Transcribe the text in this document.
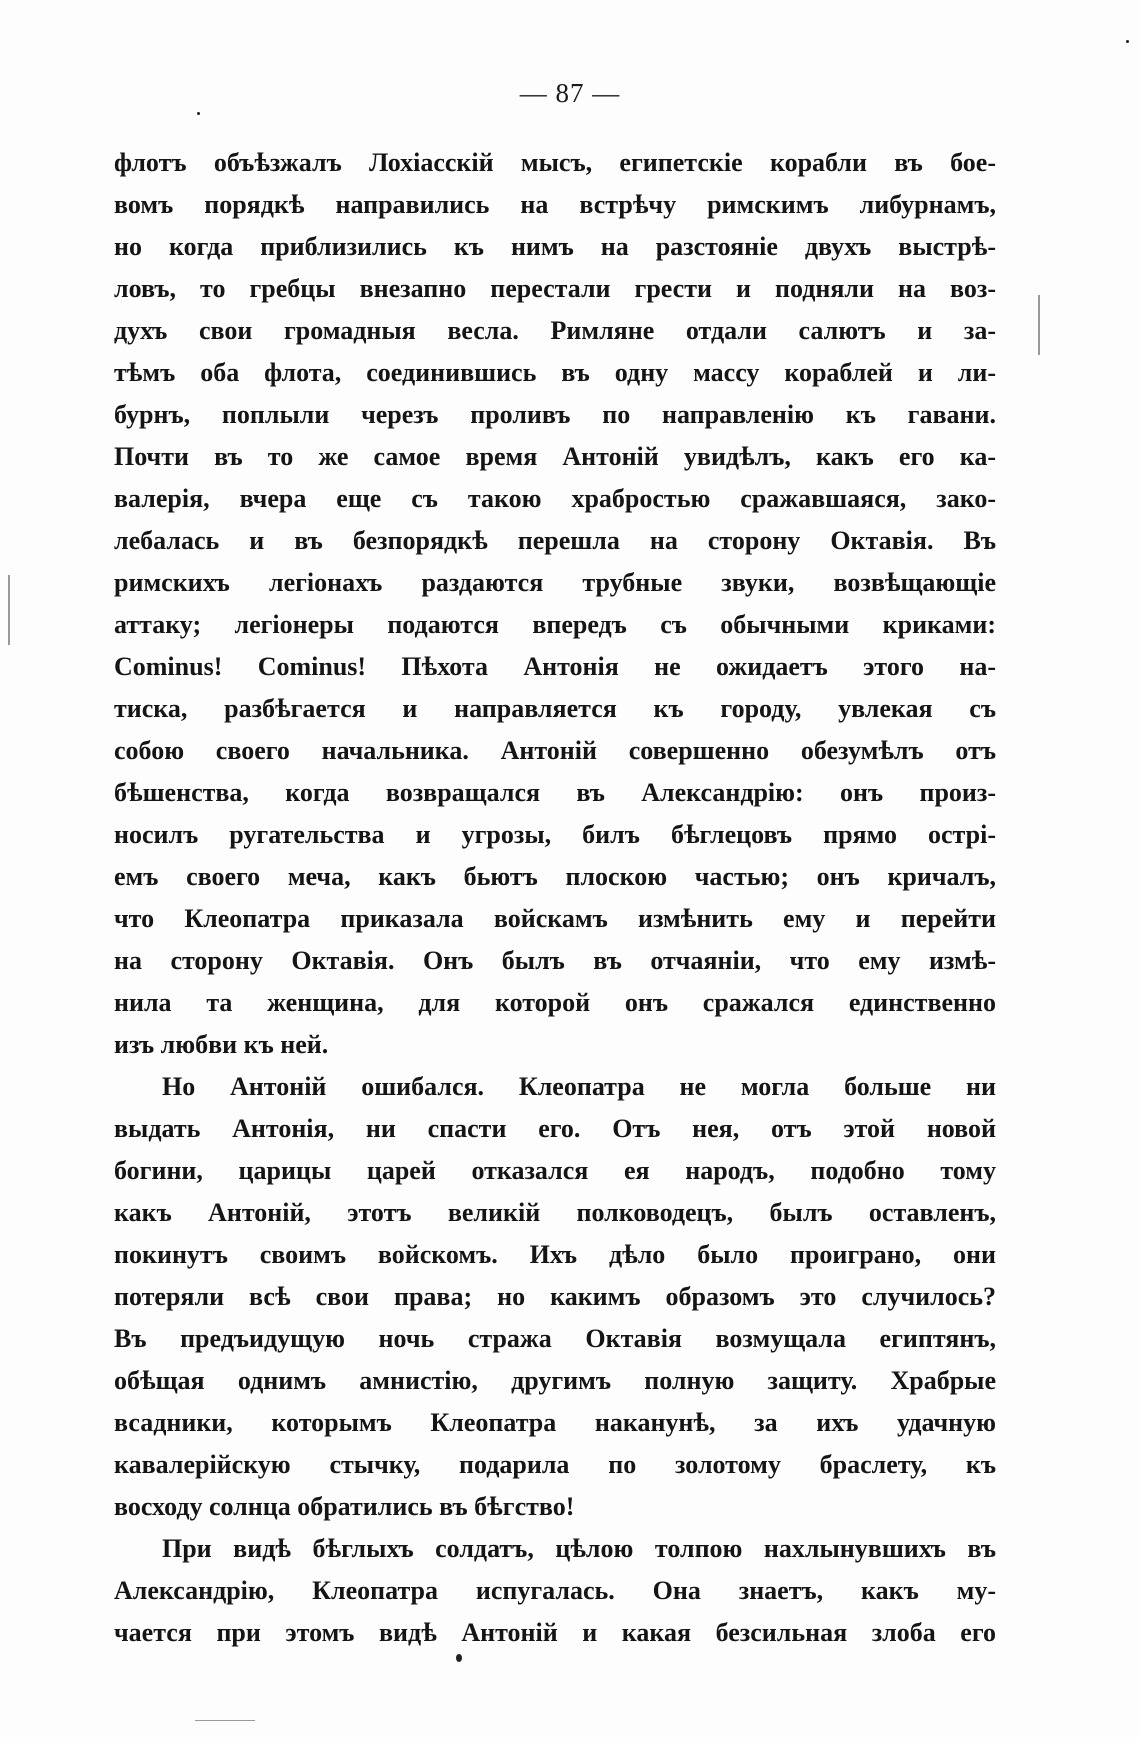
— 87 —
флотъ объѣзжалъ Лохіасскій мысъ, египетскіе корабли въ бое-
вомъ порядкѣ направились на встрѣчу римскимъ либурнамъ,
но когда приблизились къ нимъ на разстояніе двухъ выстрѣ-
ловъ, то гребцы внезапно перестали грести и подняли на воз-
духъ свои громадныя весла. Римляне отдали салютъ и за-
тѣмъ оба флота, соединившись въ одну массу кораблей и ли-
бурнъ, поплыли черезъ проливъ по направленію къ гавани.
Почти въ то же самое время Антоній увидѣлъ, какъ его ка-
валерія, вчера еще съ такою храбростью сражавшаяся, зако-
лебалась и въ безпорядкѣ перешла на сторону Октавія. Въ
римскихъ легіонахъ раздаются трубные звуки, возвѣщающіе
аттаку; легіонеры подаются впередъ съ обычными криками:
Cominus! Cominus! Пѣхота Антонія не ожидаетъ этого на-
тиска, разбѣгается и направляется къ городу, увлекая съ
собою своего начальника. Антоній совершенно обезумѣлъ отъ
бѣшенства, когда возвращался въ Александрію: онъ произ-
носилъ ругательства и угрозы, билъ бѣглецовъ прямо острі-
емъ своего меча, какъ бьютъ плоскою частью; онъ кричалъ,
что Клеопатра приказала войскамъ измѣнить ему и перейти
на сторону Октавія. Онъ былъ въ отчаяніи, что ему измѣ-
нила та женщина, для которой онъ сражался единственно
изъ любви къ ней.
Но Антоній ошибался. Клеопатра не могла больше ни
выдать Антонія, ни спасти его. Отъ нея, отъ этой новой
богини, царицы царей отказался ея народъ, подобно тому
какъ Антоній, этотъ великій полководецъ, былъ оставленъ,
покинутъ своимъ войскомъ. Ихъ дѣло было проиграно, они
потеряли всѣ свои права; но какимъ образомъ это случилось?
Въ предъидущую ночь стража Октавія возмущала египтянъ,
обѣщая однимъ амнистію, другимъ полную защиту. Храбрые
всадники, которымъ Клеопатра наканунѣ, за ихъ удачную
кавалерійскую стычку, подарила по золотому браслету, къ
восходу солнца обратились въ бѣгство!
При видѣ бѣглыхъ солдатъ, цѣлою толпою нахлынувшихъ въ
Александрію, Клеопатра испугалась. Она знаетъ, какъ му-
чается при этомъ видѣ Антоній и какая безсильная злоба его
